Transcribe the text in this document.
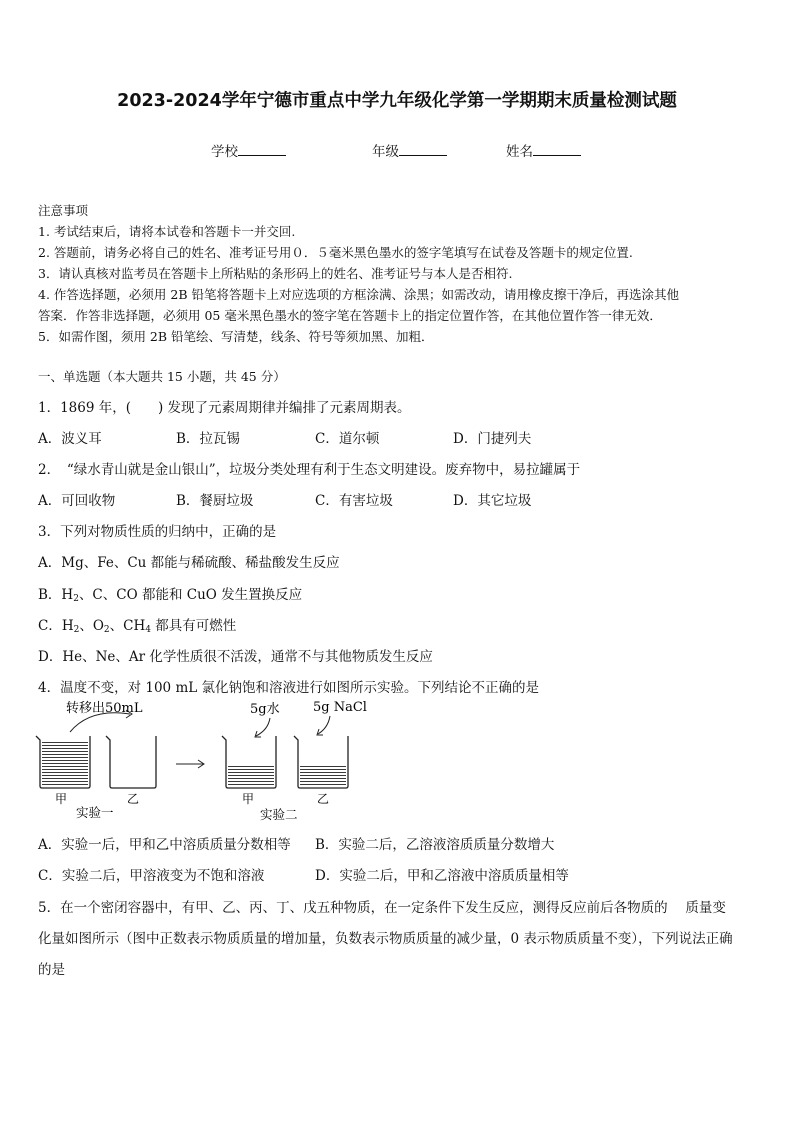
2023-2024学年宁德市重点中学九年级化学第一学期期末质量检测试题
学校	年级	姓名
注意事项
1. 考试结束后，请将本试卷和答题卡一并交回.
2. 答题前，请务必将自己的姓名、准考证号用０．５毫米黑色墨水的签字笔填写在试卷及答题卡的规定位置.
3．请认真核对监考员在答题卡上所粘贴的条形码上的姓名、准考证号与本人是否相符.
4. 作答选择题，必须用 2B 铅笔将答题卡上对应选项的方框涂满、涂黑；如需改动，请用橡皮擦干净后，再选涂其他
答案．作答非选择题，必须用 05 毫米黑色墨水的签字笔在答题卡上的指定位置作答，在其他位置作答一律无效．
5．如需作图，须用 2B 铅笔绘、写清楚，线条、符号等须加黑、加粗．
一、单选题（本大题共 15 小题，共 45 分）
1．1869 年，(　　) 发现了元素周期律并编排了元素周期表。
A．波义耳	B．拉瓦锡	C．道尔顿	D．门捷列夫
2．　“绿水青山就是金山银山”，垃圾分类处理有利于生态文明建设。废弃物中，易拉罐属于
A．可回收物	B．餐厨垃圾	C．有害垃圾	D．其它垃圾
3．下列对物质性质的归纳中，正确的是
A．Mg、Fe、Cu 都能与稀硫酸、稀盐酸发生反应
B．$H_2$、C、CO 都能和 CuO 发生置换反应
C．$H_2$、$O_2$、$CH_4$ 都具有可燃性
D．He、Ne、Ar 化学性质很不活泼，通常不与其他物质发生反应
4．温度不变，对 100 mL 氯化钠饱和溶液进行如图所示实验。下列结论不正确的是
转移出50mL
甲	乙
实验一
5g水	5g NaCl
甲	乙
实验二
A．实验一后，甲和乙中溶质质量分数相等 B．实验二后，乙溶液溶质质量分数增大
C．实验二后，甲溶液变为不饱和溶液	D．实验二后，甲和乙溶液中溶质质量相等
5．在一个密闭容器中，有甲、乙、丙、丁、戊五种物质，在一定条件下发生反应，测得反应前后各物质的　 质量变
化量如图所示（图中正数表示物质质量的增加量，负数表示物质质量的减少量，0 表示物质质量不变），下列说法正确
的是
